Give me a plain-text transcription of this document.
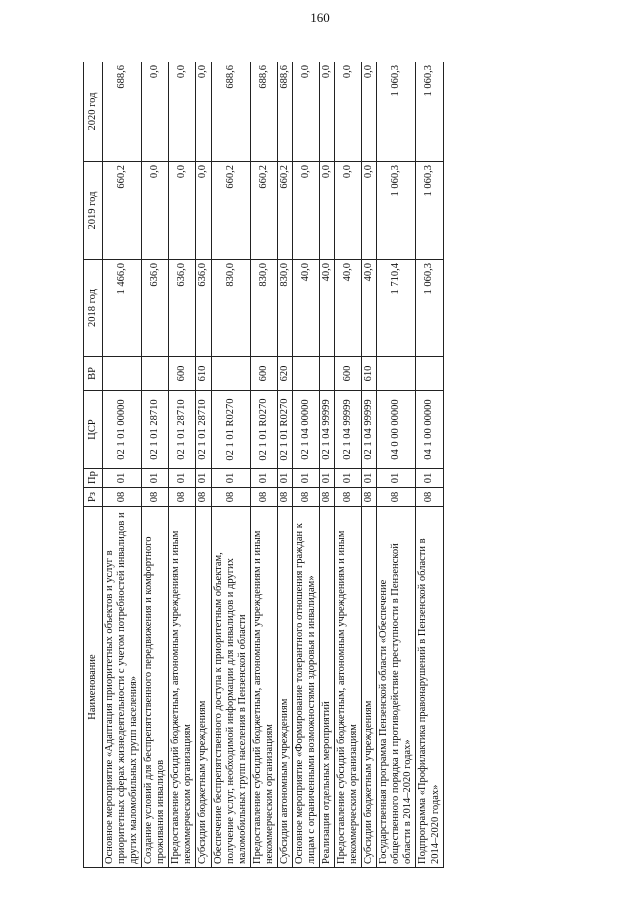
160
Наименование	Рз	Пр	ЦСР	ВР	2018 год	2019 год	2020 год
Основное мероприятие «Адаптация приоритетных объектов и услуг в приоритетных сферах жизнедеятельности с учетом потребностей инвалидов и других маломобильных групп населения»	08	01	02 1 01 00000		1 466,0	660,2	688,6
Создание условий для беспрепятственного передвижения и комфортного проживания инвалидов	08	01	02 1 01 28710		636,0	0,0	0,0
Предоставление субсидий бюджетным, автономным учреждениям и иным некоммерческим организациям	08	01	02 1 01 28710	600	636,0	0,0	0,0
Субсидии бюджетным учреждениям	08	01	02 1 01 28710	610	636,0	0,0	0,0
Обеспечение беспрепятственного доступа к приоритетным объектам, получение услуг, необходимой информации для инвалидов и других маломобильных групп населения в Пензенской области	08	01	02 1 01 R0270		830,0	660,2	688,6
Предоставление субсидий бюджетным, автономным учреждениям и иным некоммерческим организациям	08	01	02 1 01 R0270	600	830,0	660,2	688,6
Субсидии автономным учреждениям	08	01	02 1 01 R0270	620	830,0	660,2	688,6
Основное мероприятие «Формирование толерантного отношения граждан к лицам с ограниченными возможностями здоровья и инвалидам»	08	01	02 1 04 00000		40,0	0,0	0,0
Реализация отдельных мероприятий	08	01	02 1 04 99999		40,0	0,0	0,0
Предоставление субсидий бюджетным, автономным учреждениям и иным некоммерческим организациям	08	01	02 1 04 99999	600	40,0	0,0	0,0
Субсидии бюджетным учреждениям	08	01	02 1 04 99999	610	40,0	0,0	0,0
Государственная программа Пензенской области «Обеспечение общественного порядка и противодействие преступности в Пензенской области в 2014–2020 годах»	08	01	04 0 00 00000		1 710,4	1 060,3	1 060,3
Подпрограмма «Профилактика правонарушений в Пензенской области в 2014–2020 годах»	08	01	04 1 00 00000		1 060,3	1 060,3	1 060,3
